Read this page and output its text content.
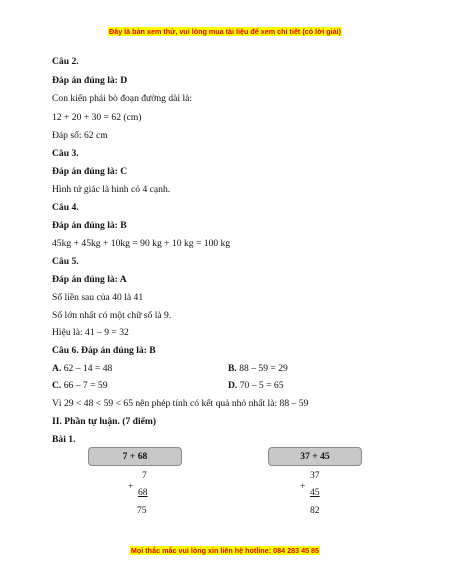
Đây là bản xem thử, vui lòng mua tài liệu để xem chi tiết (có lời giải)
Câu 2.
Đáp án đúng là: D
Con kiến phải bò đoạn đường dài là:
12 + 20 + 30 = 62 (cm)
Đáp số: 62 cm
Câu 3.
Đáp án đúng là: C
Hình tứ giác là hình có 4 cạnh.
Câu 4.
Đáp án đúng là: B
45kg + 45kg + 10kg = 90 kg + 10 kg = 100 kg
Câu 5.
Đáp án đúng là: A
Số liền sau của 40 là 41
Số lớn nhất có một chữ số là 9.
Hiệu là: 41 – 9 = 32
Câu 6. Đáp án đúng là: B
A. 62 – 14 = 48	B. 88 – 59 = 29
C. 66 – 7 = 59	D. 70 – 5 = 65
Vì 29 < 48 < 59 < 65 nên phép tính có kết quả nhỏ nhất là: 88 – 59
II. Phần tự luận. (7 điểm)
Bài 1.
7 + 68	37 + 45
7
+
68
75
37
+
45
82
Mọi thắc mắc vui lòng xin liên hệ hotline: 084 283 45 85
